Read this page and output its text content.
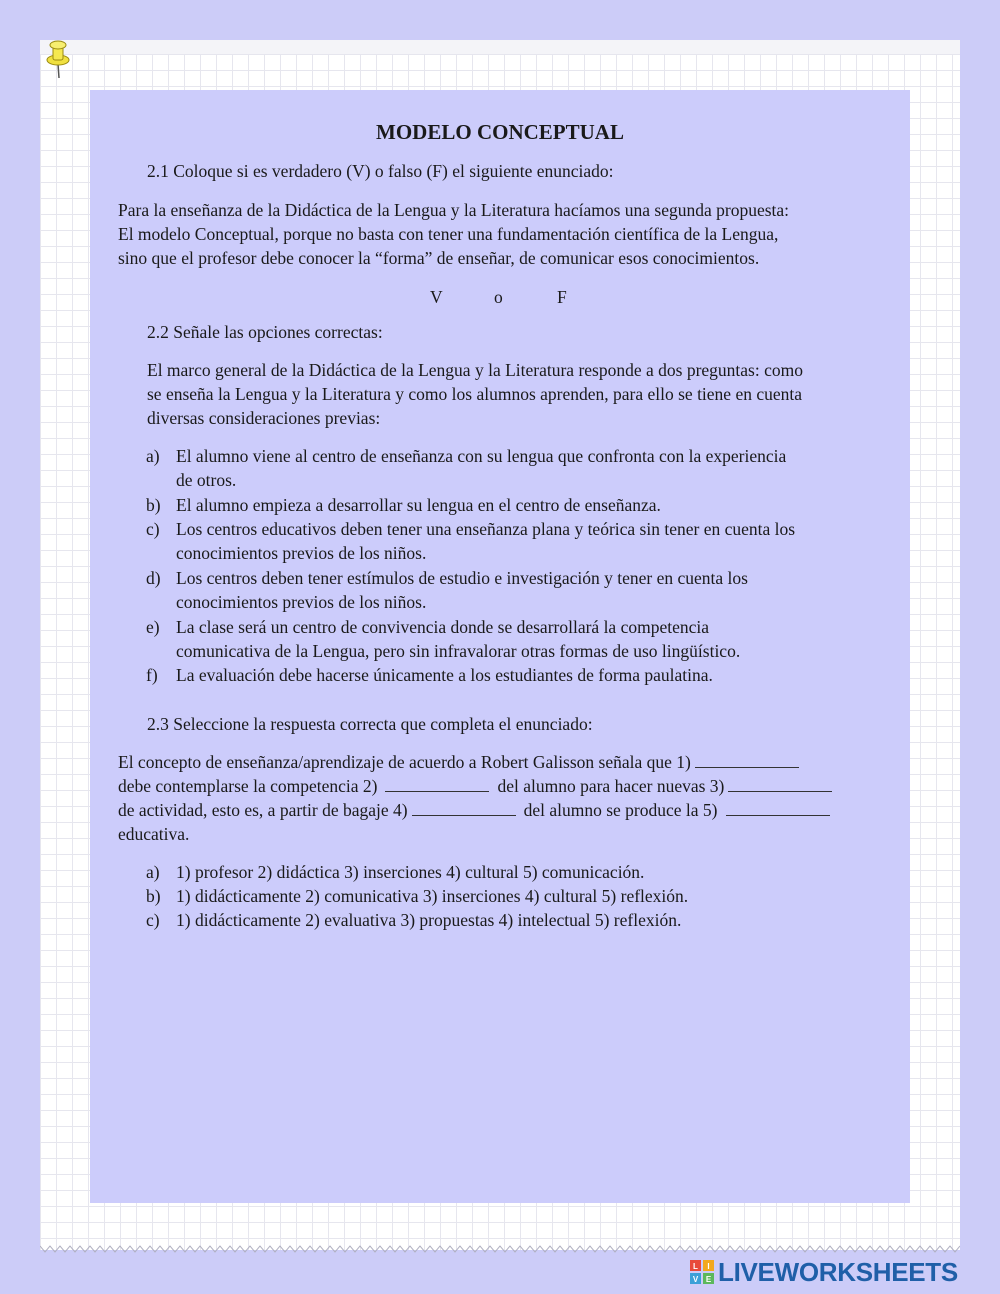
MODELO CONCEPTUAL
2.1 Coloque si es verdadero (V) o falso (F) el siguiente enunciado:
Para la enseñanza de la Didáctica de la Lengua y la Literatura hacíamos una segunda propuesta:
El modelo Conceptual, porque no basta con tener una fundamentación científica de la Lengua,
sino que el profesor debe conocer la “forma” de enseñar, de comunicar esos conocimientos.
V	o	F
2.2 Señale las opciones correctas:
El marco general de la Didáctica de la Lengua y la Literatura responde a dos preguntas: como
se enseña la Lengua y la Literatura y como los alumnos aprenden, para ello se tiene en cuenta
diversas consideraciones previas:
a) El alumno viene al centro de enseñanza con su lengua que confronta con la experiencia
de otros.
b) El alumno empieza a desarrollar su lengua en el centro de enseñanza.
c) Los centros educativos deben tener una enseñanza plana y teórica sin tener en cuenta los
conocimientos previos de los niños.
d) Los centros deben tener estímulos de estudio e investigación y tener en cuenta los
conocimientos previos de los niños.
e) La clase será un centro de convivencia donde se desarrollará la competencia
comunicativa de la Lengua, pero sin infravalorar otras formas de uso lingüístico.
f) La evaluación debe hacerse únicamente a los estudiantes de forma paulatina.
2.3 Seleccione la respuesta correcta que completa el enunciado:
El concepto de enseñanza/aprendizaje de acuerdo a Robert Galisson señala que 1)
debe contemplarse la competencia 2)	del alumno para hacer nuevas 3)
de actividad, esto es, a partir de bagaje 4)	del alumno se produce la 5)
educativa.
a) 1) profesor 2) didáctica 3) inserciones 4) cultural 5) comunicación.
b) 1) didácticamente 2) comunicativa 3) inserciones 4) cultural 5) reflexión.
c) 1) didácticamente 2) evaluativa 3) propuestas 4) intelectual 5) reflexión.
L I
V E LIVEWORKSHEETS
